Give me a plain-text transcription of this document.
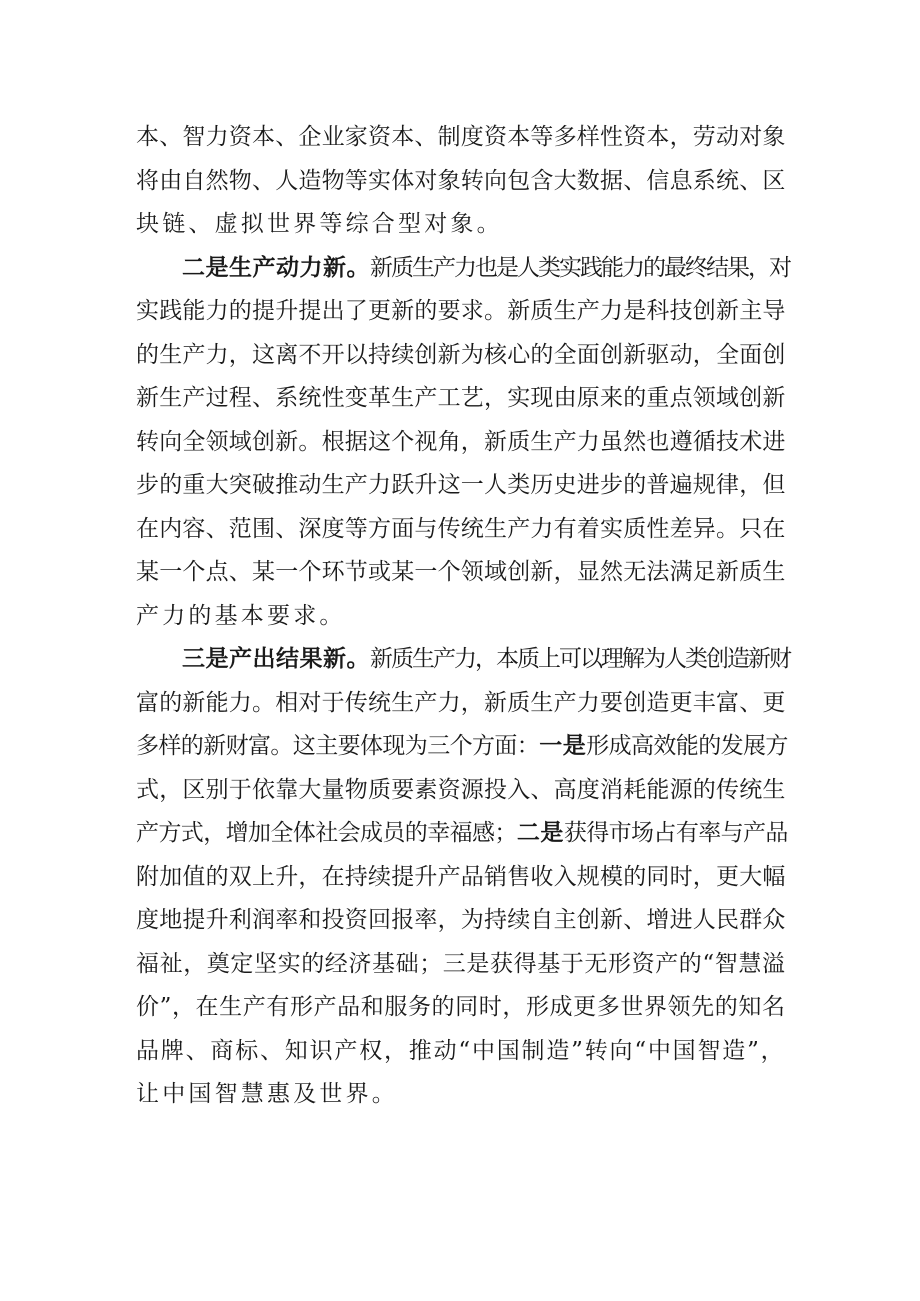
本、智力资本、企业家资本、制度资本等多样性资本，劳动对象
将由自然物、人造物等实体对象转向包含大数据、信息系统、区
块链、虚拟世界等综合型对象。
二是生产动力新。新质生产力也是人类实践能力的最终结果，对
实践能力的提升提出了更新的要求。新质生产力是科技创新主导
的生产力，这离不开以持续创新为核心的全面创新驱动，全面创
新生产过程、系统性变革生产工艺，实现由原来的重点领域创新
转向全领域创新。根据这个视角，新质生产力虽然也遵循技术进
步的重大突破推动生产力跃升这一人类历史进步的普遍规律，但
在内容、范围、深度等方面与传统生产力有着实质性差异。只在
某一个点、某一个环节或某一个领域创新，显然无法满足新质生
产力的基本要求。
三是产出结果新。新质生产力，本质上可以理解为人类创造新财
富的新能力。相对于传统生产力，新质生产力要创造更丰富、更
多样的新财富。这主要体现为三个方面：一是形成高效能的发展方
式，区别于依靠大量物质要素资源投入、高度消耗能源的传统生
产方式，增加全体社会成员的幸福感；二是获得市场占有率与产品
附加值的双上升，在持续提升产品销售收入规模的同时，更大幅
度地提升利润率和投资回报率，为持续自主创新、增进人民群众
福祉，奠定坚实的经济基础；三是获得基于无形资产的“智慧溢
价”，在生产有形产品和服务的同时，形成更多世界领先的知名
品牌、商标、知识产权，推动“中国制造”转向“中国智造”，
让中国智慧惠及世界。
